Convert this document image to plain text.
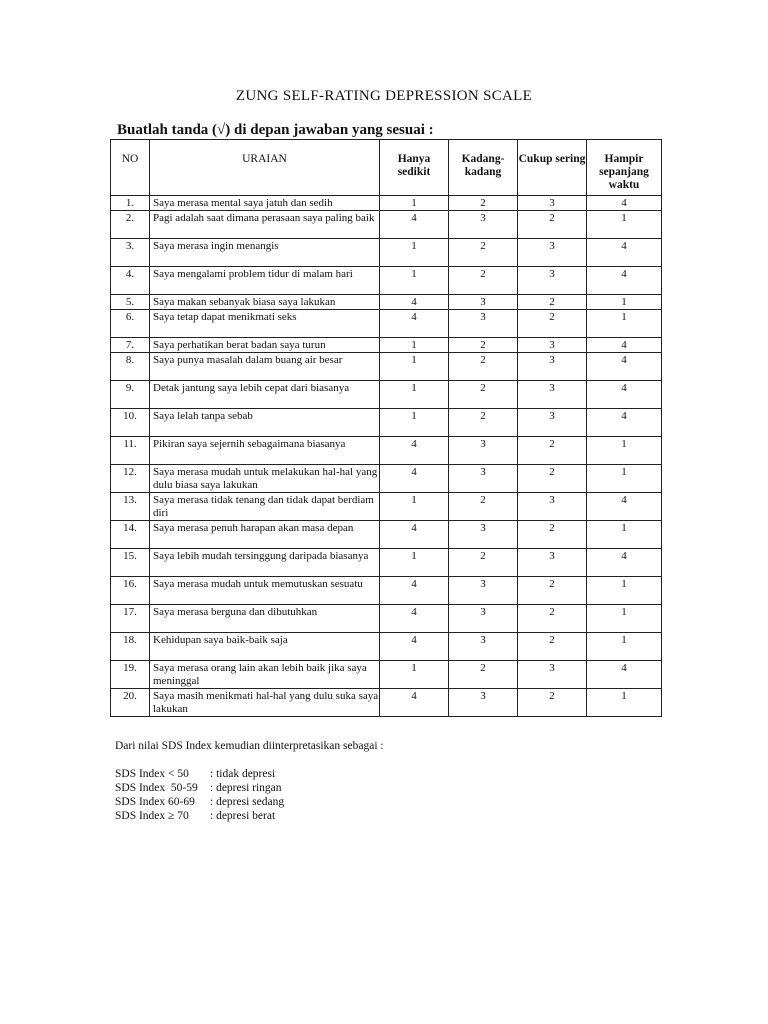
ZUNG SELF-RATING DEPRESSION SCALE
Buatlah tanda (√) di depan jawaban yang sesuai :
NO	URAIAN	Hanya sedikit	Kadang-kadang	Cukup sering	Hampir sepanjang waktu
1.	Saya merasa mental saya jatuh dan sedih	1	2	3	4
2.	Pagi adalah saat dimana perasaan saya paling baik	4	3	2	1
3.	Saya merasa ingin menangis	1	2	3	4
4.	Saya mengalami problem tidur di malam hari	1	2	3	4
5.	Saya makan sebanyak biasa saya lakukan	4	3	2	1
6.	Saya tetap dapat menikmati seks	4	3	2	1
7.	Saya perhatikan berat badan saya turun	1	2	3	4
8.	Saya punya masalah dalam buang air besar	1	2	3	4
9.	Detak jantung saya lebih cepat dari biasanya	1	2	3	4
10.	Saya lelah tanpa sebab	1	2	3	4
11.	Pikiran saya sejernih sebagaimana biasanya	4	3	2	1
12.	Saya merasa mudah untuk melakukan hal-hal yang dulu biasa saya lakukan	4	3	2	1
13.	Saya merasa tidak tenang dan tidak dapat berdiam diri	1	2	3	4
14.	Saya merasa penuh harapan akan masa depan	4	3	2	1
15.	Saya lebih mudah tersinggung daripada biasanya	1	2	3	4
16.	Saya merasa mudah untuk memutuskan sesuatu	4	3	2	1
17.	Saya merasa berguna dan dibutuhkan	4	3	2	1
18.	Kehidupan saya baik-baik saja	4	3	2	1
19.	Saya merasa orang lain akan lebih baik jika saya meninggal	1	2	3	4
20.	Saya masih menikmati hal-hal yang dulu suka saya lakukan	4	3	2	1
Dari nilai SDS Index kemudian diinterpretasikan sebagai :
SDS Index < 50	: tidak depresi
SDS Index  50-59	: depresi ringan
SDS Index 60-69	: depresi sedang
SDS Index ≥ 70	: depresi berat
